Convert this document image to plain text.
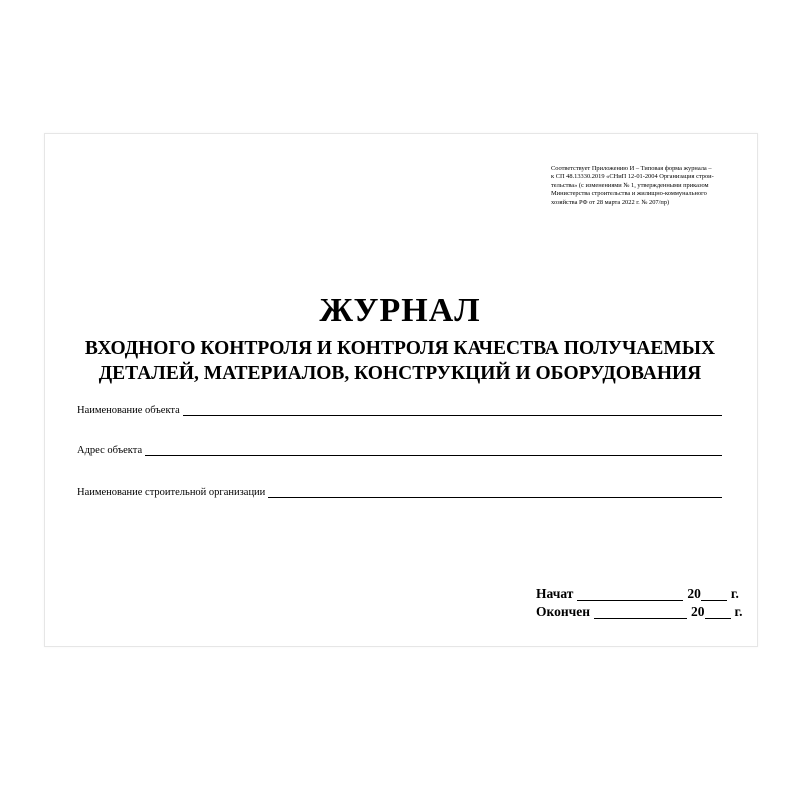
Соответствует Приложению И – Типовая форма журнала –
к СП 48.13330.2019 «СНиП 12-01-2004 Организация строи-
тельства» (с изменениями № 1, утвержденными приказом
Министерства строительства и жилищно-коммунального
хозяйства РФ от 28 марта 2022 г. № 207/пр)
ЖУРНАЛ
ВХОДНОГО КОНТРОЛЯ И КОНТРОЛЯ КАЧЕСТВА ПОЛУЧАЕМЫХ
ДЕТАЛЕЙ, МАТЕРИАЛОВ, КОНСТРУКЦИЙ И ОБОРУДОВАНИЯ
Наименование объекта
Адрес объекта
Наименование строительной организации
Начат	20 г.
Окончен	20 г.
